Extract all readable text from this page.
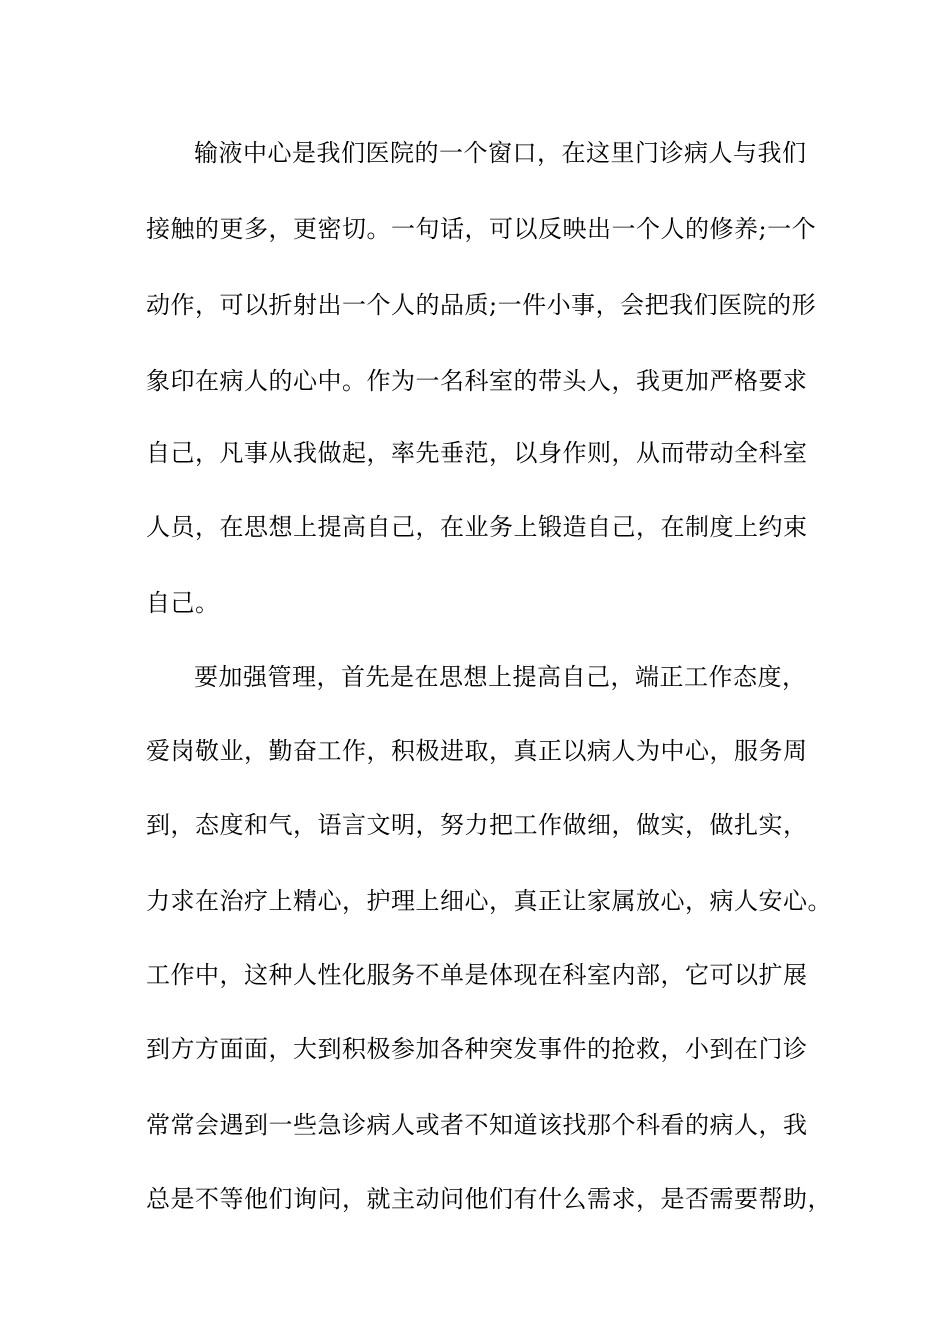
输液中心是我们医院的一个窗口，在这里门诊病人与我们
接触的更多，更密切。一句话，可以反映出一个人的修养;一个
动作，可以折射出一个人的品质;一件小事，会把我们医院的形
象印在病人的心中。作为一名科室的带头人，我更加严格要求
自己，凡事从我做起，率先垂范，以身作则，从而带动全科室
人员，在思想上提高自己，在业务上锻造自己，在制度上约束
自己。
要加强管理，首先是在思想上提高自己，端正工作态度，
爱岗敬业，勤奋工作，积极进取，真正以病人为中心，服务周
到，态度和气，语言文明，努力把工作做细，做实，做扎实，
力求在治疗上精心，护理上细心，真正让家属放心，病人安心。
工作中，这种人性化服务不单是体现在科室内部，它可以扩展
到方方面面，大到积极参加各种突发事件的抢救，小到在门诊
常常会遇到一些急诊病人或者不知道该找那个科看的病人，我
总是不等他们询问，就主动问他们有什么需求，是否需要帮助，
